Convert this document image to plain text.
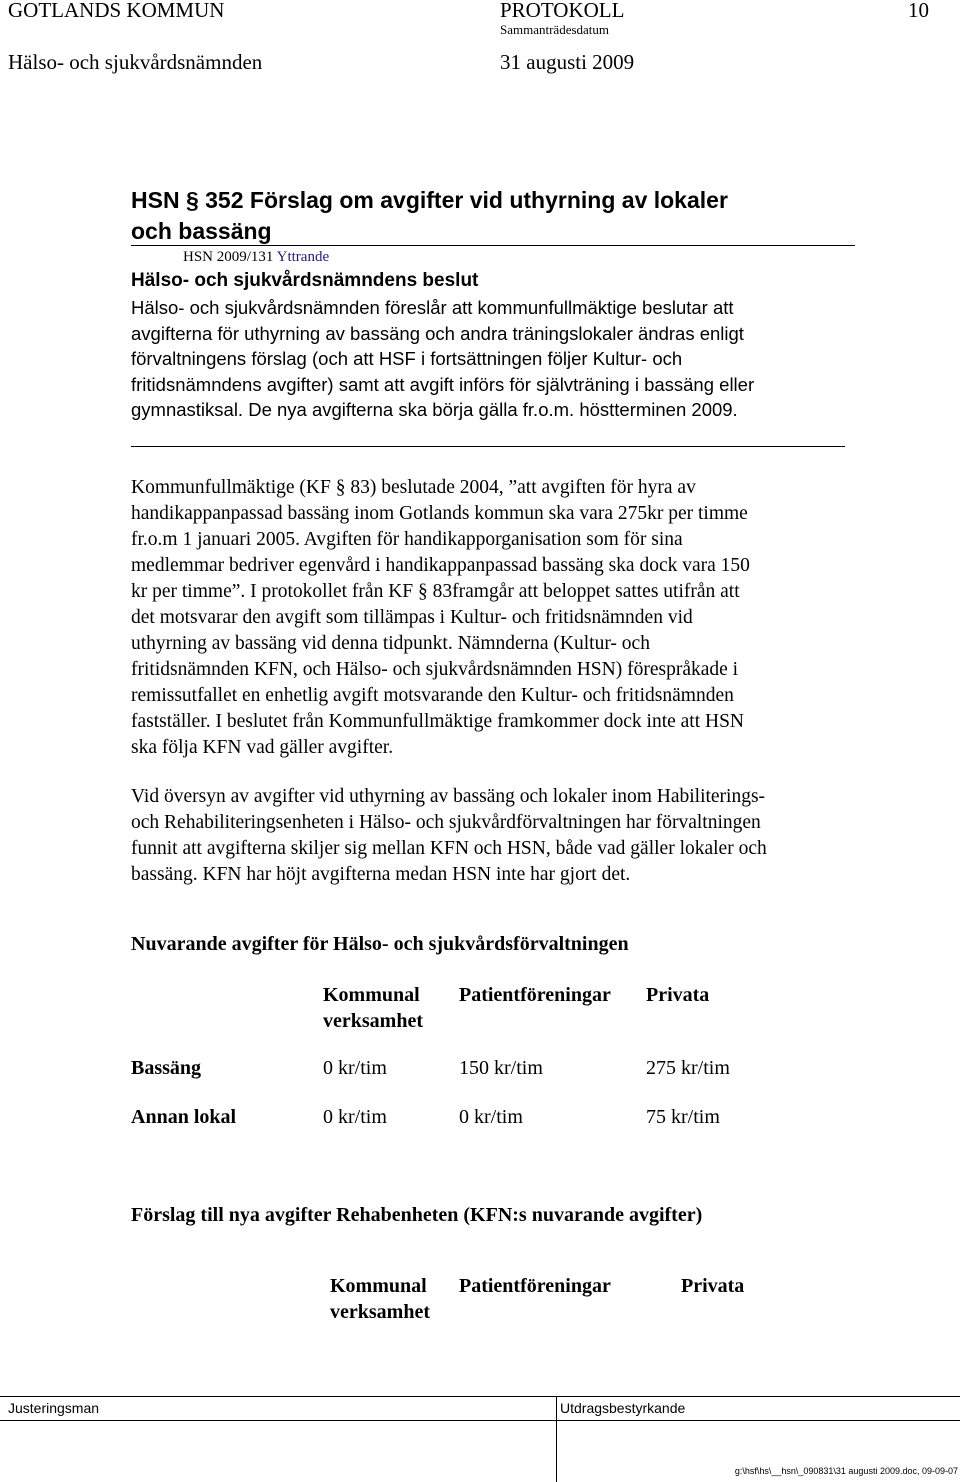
GOTLANDS KOMMUN	PROTOKOLL	10
Sammanträdesdatum
Hälso- och sjukvårdsnämnden	31 augusti 2009
HSN § 352 Förslag om avgifter vid uthyrning av lokaler
och bassäng
HSN 2009/131 Yttrande
Hälso- och sjukvårdsnämndens beslut
Hälso- och sjukvårdsnämnden föreslår att kommunfullmäktige beslutar att
avgifterna för uthyrning av bassäng och andra träningslokaler ändras enligt
förvaltningens förslag (och att HSF i fortsättningen följer Kultur- och
fritidsnämndens avgifter) samt att avgift införs för självträning i bassäng eller
gymnastiksal. De nya avgifterna ska börja gälla fr.o.m. höstterminen 2009.
Kommunfullmäktige (KF § 83) beslutade 2004, ”att avgiften för hyra av
handikappanpassad bassäng inom Gotlands kommun ska vara 275kr per timme
fr.o.m 1 januari 2005. Avgiften för handikapporganisation som för sina
medlemmar bedriver egenvård i handikappanpassad bassäng ska dock vara 150
kr per timme”. I protokollet från KF § 83framgår att beloppet sattes utifrån att
det motsvarar den avgift som tillämpas i Kultur- och fritidsnämnden vid
uthyrning av bassäng vid denna tidpunkt. Nämnderna (Kultur- och
fritidsnämnden KFN, och Hälso- och sjukvårdsnämnden HSN) förespråkade i
remissutfallet en enhetlig avgift motsvarande den Kultur- och fritidsnämnden
fastställer. I beslutet från Kommunfullmäktige framkommer dock inte att HSN
ska följa KFN vad gäller avgifter.
Vid översyn av avgifter vid uthyrning av bassäng och lokaler inom Habiliterings-
och Rehabiliteringsenheten i Hälso- och sjukvårdförvaltningen har förvaltningen
funnit att avgifterna skiljer sig mellan KFN och HSN, både vad gäller lokaler och
bassäng. KFN har höjt avgifterna medan HSN inte har gjort det.
Nuvarande avgifter för Hälso- och sjukvårdsförvaltningen
Kommunal
verksamhet
Patientföreningar Privata
Bassäng	0 kr/tim	150 kr/tim	275 kr/tim
Annan lokal	0 kr/tim	0 kr/tim	75 kr/tim
Förslag till nya avgifter Rehabenheten (KFN:s nuvarande avgifter)
Kommunal
verksamhet
Patientföreningar	Privata
Justeringsman	Utdragsbestyrkande
g:\hsf\hs\__hsn\_090831\31 augusti 2009.doc, 09-09-07
